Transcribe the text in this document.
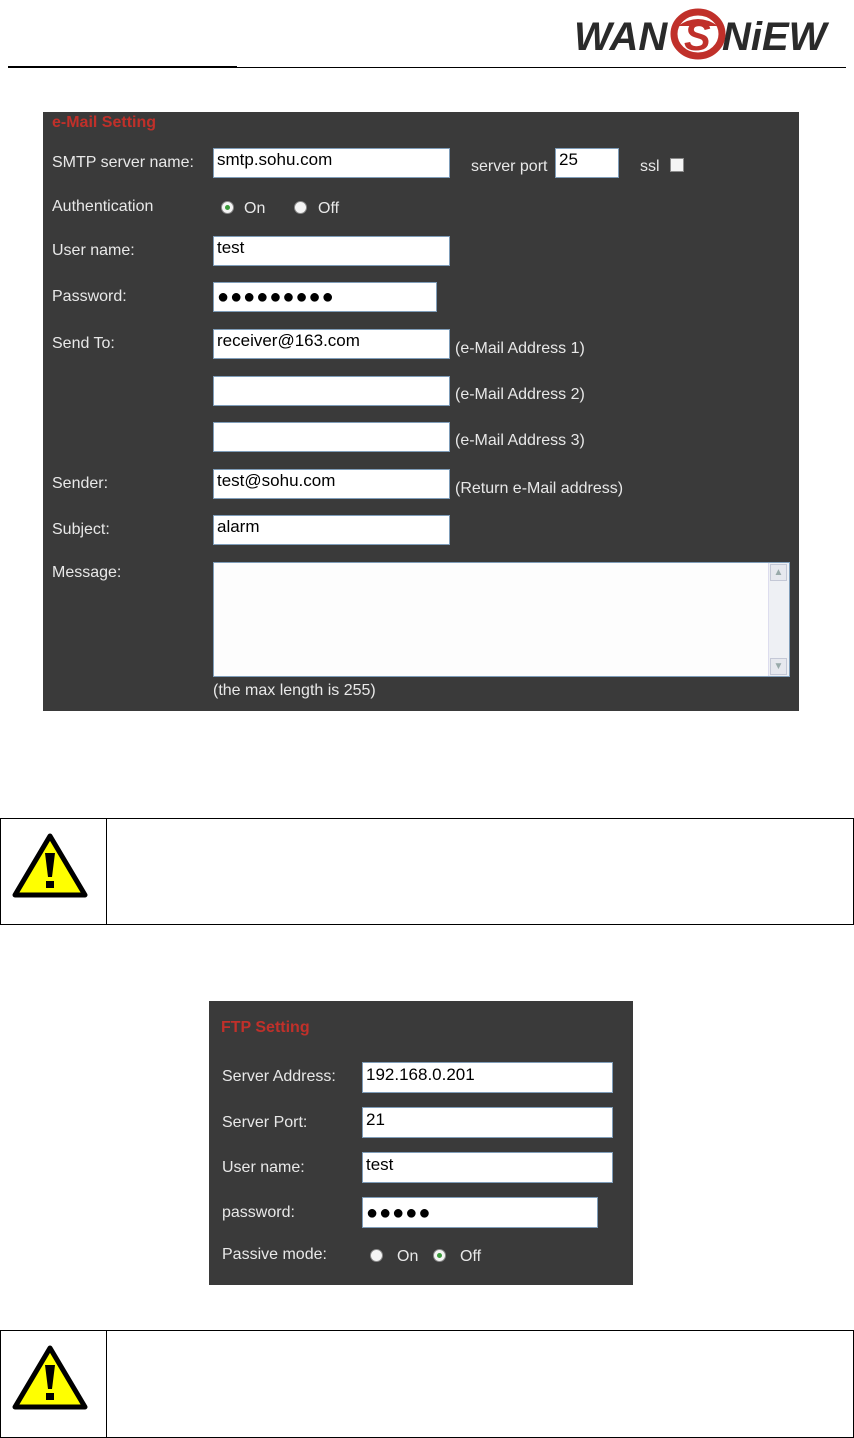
WAN S NiEW
e-Mail Setting
SMTP server name: smtp.sohu.com	server port 25	ssl
Authentication	On	Off
User name:	test
Password:	●●●●●●●●●
Send To:	receiver@163.com	(e-Mail Address 1)
(e-Mail Address 2)
(e-Mail Address 3)
Sender:	test@sohu.com	(Return e-Mail address)
Subject:	alarm
Message:	▲
▼
(the max length is 255)
FTP Setting
Server Address: 192.168.0.201
Server Port:	21
User name:	test
password:	●●●●●
Passive mode:	On	Off
